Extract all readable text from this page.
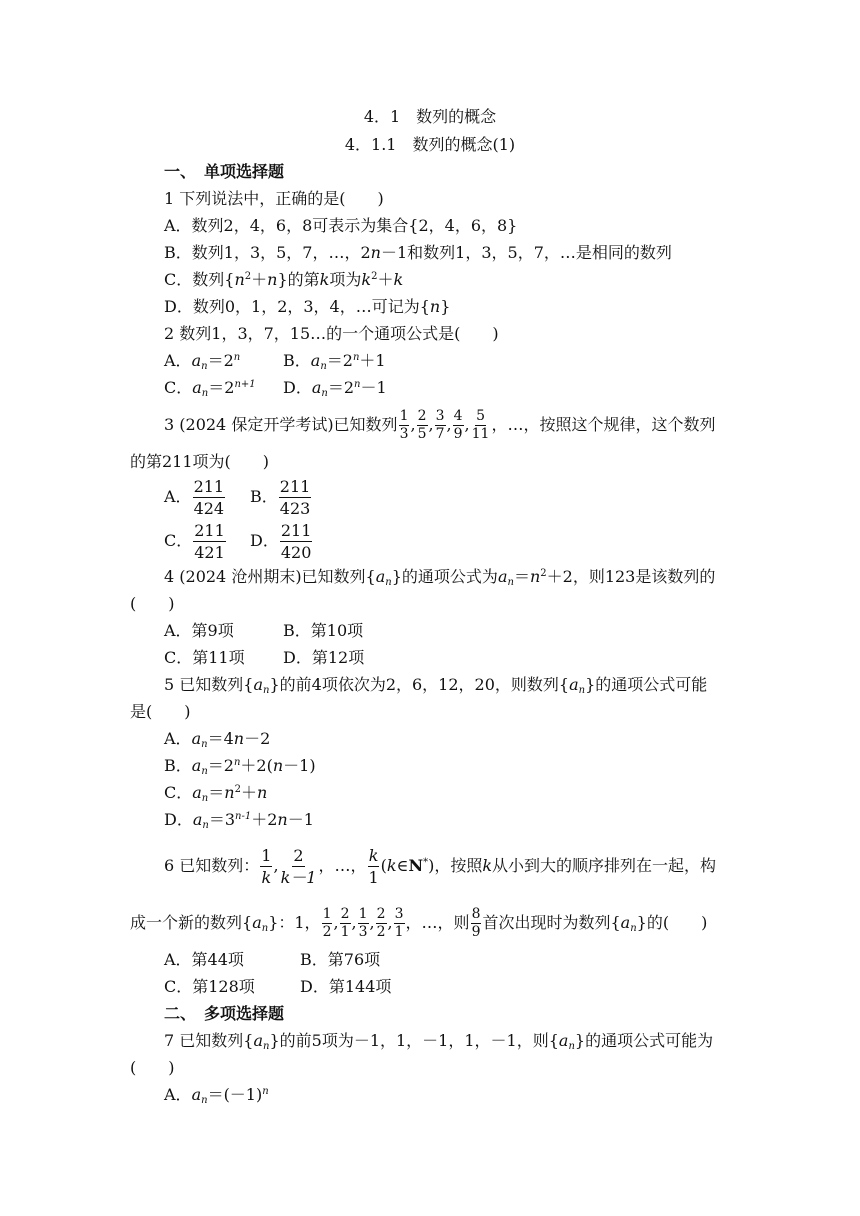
4．1　数列的概念
4．1.1　数列的概念(1)
一、　单项选择题
1 下列说法中，正确的是(　　)
A．数列2，4，6，8可表示为集合{2，4，6，8}
B．数列1，3，5，7，…，2n－1和数列1，3，5，7，…是相同的数列
C．数列$\{n^2+n\}$的第k项为$k^2+k$
D．数列0，1，2，3，4，…可记为{n}
2 数列1，3，7，15…的一个通项公式是(　　)
A．$a_n=2^n$	B．$a_n=2^n+1$
C．$a_n=2^{n+1}$ D．$a_n=2^n-1$
3 (2024 保定开学考试)已知数列 $\frac{1}{3}$ , $\frac{2}{5}$ , $\frac{3}{7}$ , $\frac{4}{9}$ , $\frac{5}{11}$ ，…，按照这个规律，这个数列
的第211项为(　　)
A． $\frac{211}{424}$ B． $\frac{211}{423}$
C． $\frac{211}{421}$ D． $\frac{211}{420}$
4 (2024 沧州期末)已知数列$\{a_n\}$的通项公式为$a_n=n^2+2$，则123是该数列的
(　　)
A．第9项	B．第10项
C．第11项 D．第12项
5 已知数列$\{a_n\}$的前4项依次为2，6，12，20，则数列$\{a_n\}$的通项公式可能
是(　　)
A．$a_n=4n-2$
B．$a_n=2^n+2(n-1)$
C．$a_n=n^2+n$
D．$a_n=3^{n-1}+2n-1$
6 已知数列： $\frac{1}{k}$ , $\frac{2}{k-1}$ ，…， $\frac{k}{1}$ (k∈N*)，按照k从小到大的顺序排列在一起，构
成一个新的数列$\{a_n\}$：1， $\frac{1}{2}$ , $\frac{2}{1}$ , $\frac{1}{3}$ , $\frac{2}{2}$ , $\frac{3}{1}$ ，…，则 $\frac{8}{9}$ 首次出现时为数列$\{a_n\}$的(　　)
A．第44项	B．第76项
C．第128项	D．第144项
二、　多项选择题
7 已知数列$\{a_n\}$的前5项为－1，1，－1，1，－1，则$\{a_n\}$的通项公式可能为
(　　)
A．$a_n=(-1)^n$
